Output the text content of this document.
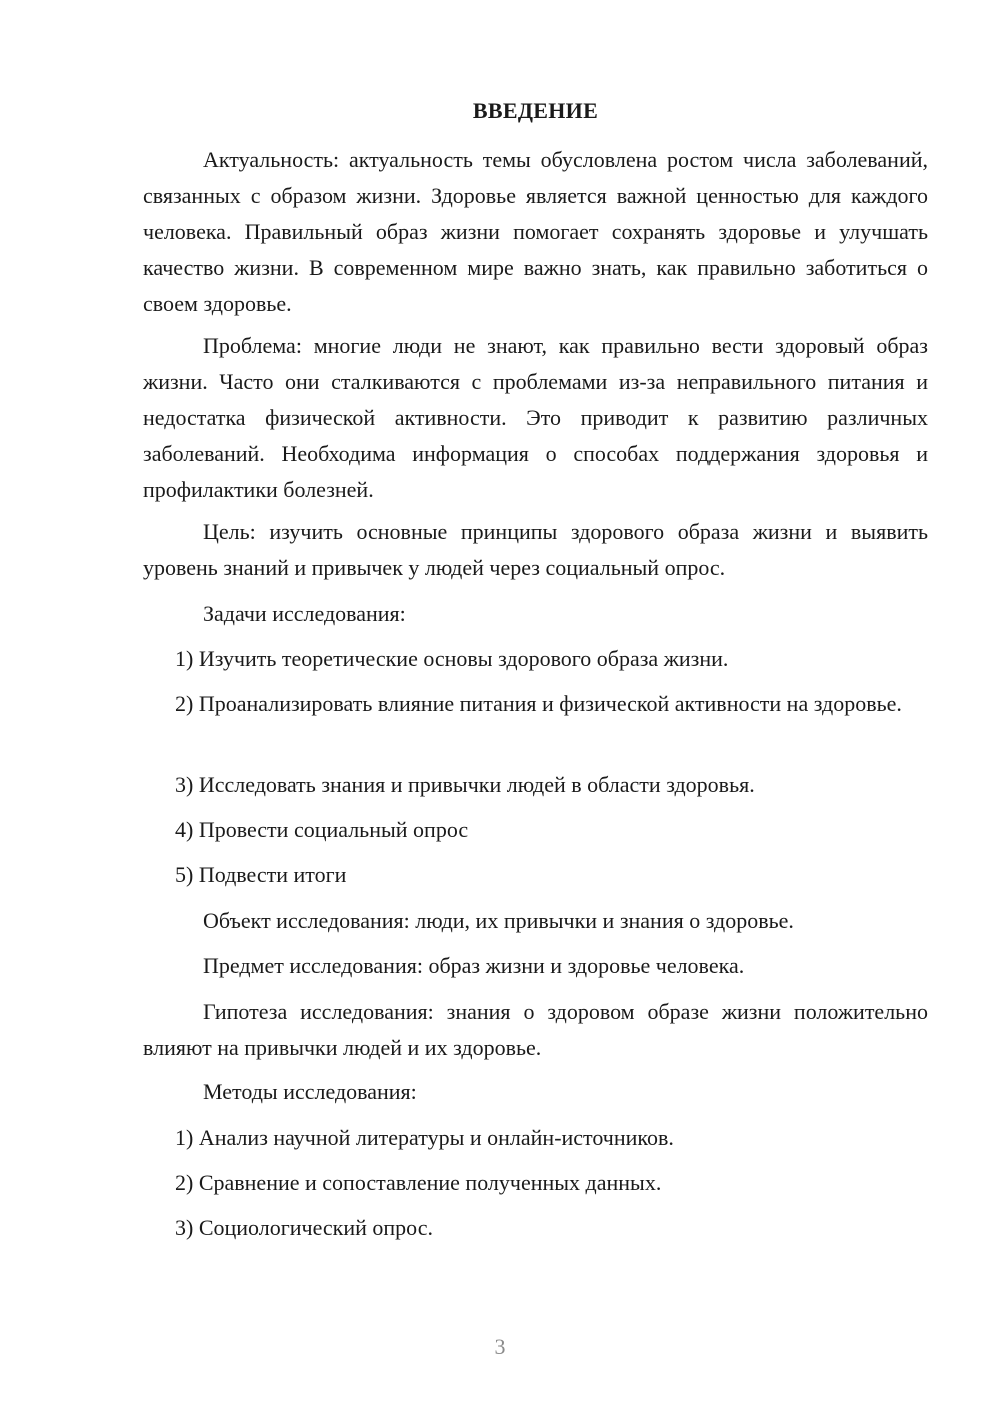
ВВЕДЕНИЕ

Актуальность: актуальность темы обусловлена ростом числа заболеваний, связанных с образом жизни. Здоровье является важной ценностью для каждого человека. Правильный образ жизни помогает сохранять здоровье и улучшать качество жизни. В современном мире важно знать, как правильно заботиться о своем здоровье.

Проблема: многие люди не знают, как правильно вести здоровый образ жизни. Часто они сталкиваются с проблемами из-за неправильного питания и недостатка физической активности. Это приводит к развитию различных заболеваний. Необходима информация о способах поддержания здоровья и профилактики болезней.

Цель: изучить основные принципы здорового образа жизни и выявить уровень знаний и привычек у людей через социальный опрос.

Задачи исследования:

1) Изучить теоретические основы здорового образа жизни.

2) Проанализировать влияние питания и физической активности на здоровье.

3) Исследовать знания и привычки людей в области здоровья.

4) Провести социальный опрос

5) Подвести итоги

Объект исследования: люди, их привычки и знания о здоровье.

Предмет исследования: образ жизни и здоровье человека.

Гипотеза исследования: знания о здоровом образе жизни положительно влияют на привычки людей и их здоровье.

Методы исследования:

1) Анализ научной литературы и онлайн-источников.

2) Сравнение и сопоставление полученных данных.

3) Социологический опрос.

3
